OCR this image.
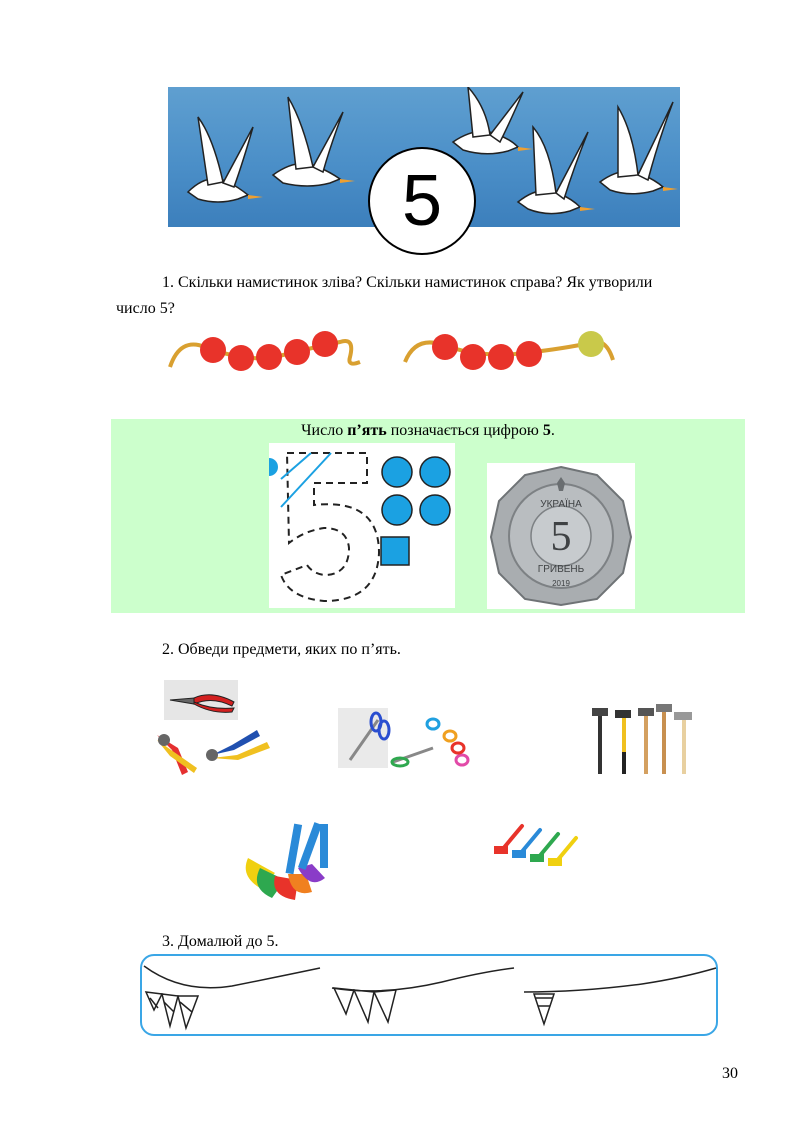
5
1. Скільки намистинок зліва? Скільки намистинок справа? Як утворили
число 5?
Число п’ять позначається цифрою 5.
УКРАЇНА
5
ГРИВЕНЬ
2019
2. Обведи предмети, яких по п’ять.
3. Домалюй до 5.
30
